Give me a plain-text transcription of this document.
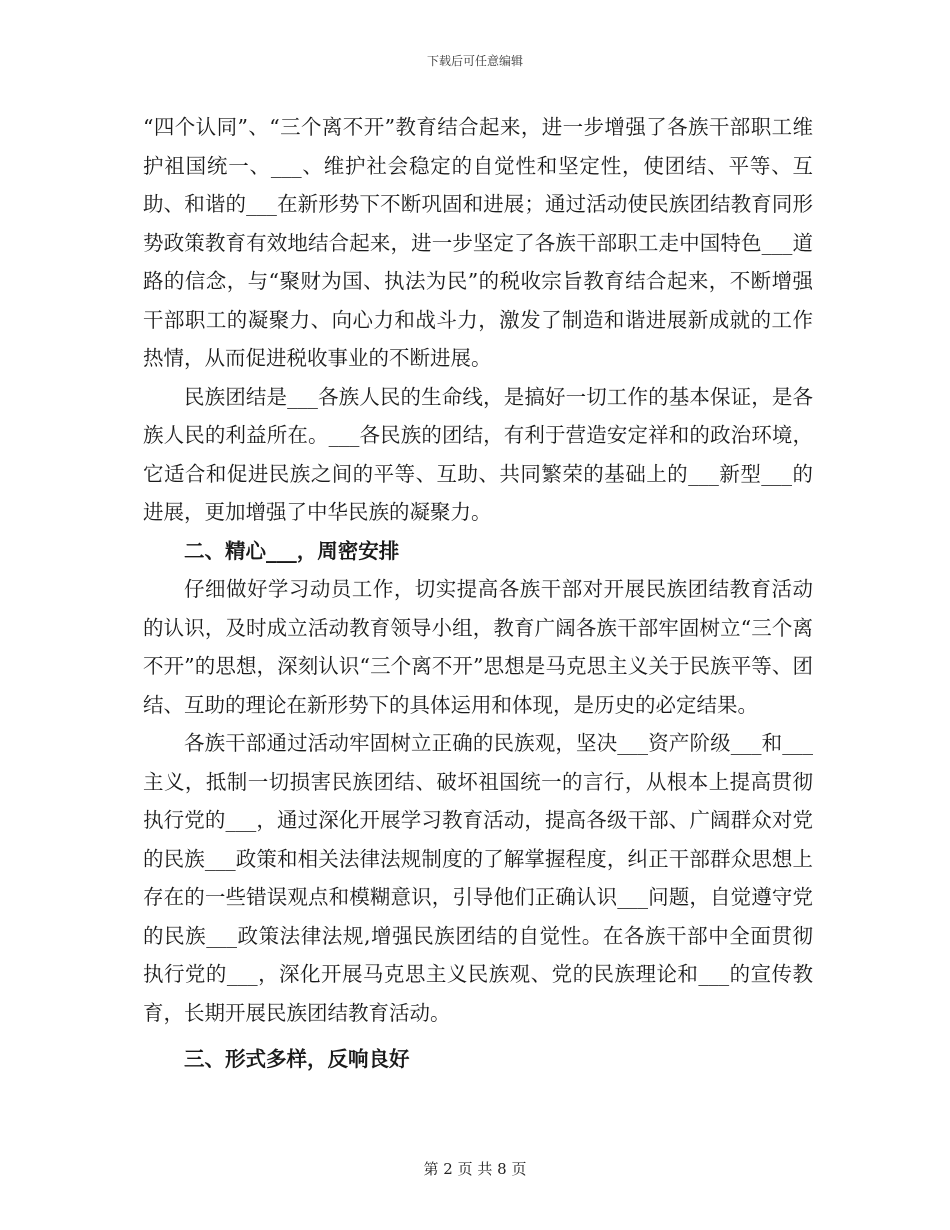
下载后可任意编辑

“四个认同”、“三个离不开”教育结合起来，进一步增强了各族干部职工维护祖国统一、___、维护社会稳定的自觉性和坚定性，使团结、平等、互助、和谐的___在新形势下不断巩固和进展；通过活动使民族团结教育同形势政策教育有效地结合起来，进一步坚定了各族干部职工走中国特色___道路的信念，与“聚财为国、执法为民”的税收宗旨教育结合起来，不断增强干部职工的凝聚力、向心力和战斗力，激发了制造和谐进展新成就的工作热情，从而促进税收事业的不断进展。

民族团结是___各族人民的生命线，是搞好一切工作的基本保证，是各族人民的利益所在。___各民族的团结，有利于营造安定祥和的政治环境，它适合和促进民族之间的平等、互助、共同繁荣的基础上的___新型___的进展，更加增强了中华民族的凝聚力。

二、精心___，周密安排

仔细做好学习动员工作，切实提高各族干部对开展民族团结教育活动的认识，及时成立活动教育领导小组，教育广阔各族干部牢固树立“三个离不开”的思想，深刻认识“三个离不开”思想是马克思主义关于民族平等、团结、互助的理论在新形势下的具体运用和体现，是历史的必定结果。

各族干部通过活动牢固树立正确的民族观，坚决___资产阶级___和___主义，抵制一切损害民族团结、破坏祖国统一的言行，从根本上提高贯彻执行党的___，通过深化开展学习教育活动，提高各级干部、广阔群众对党的民族___政策和相关法律法规制度的了解掌握程度，纠正干部群众思想上存在的一些错误观点和模糊意识，引导他们正确认识___问题，自觉遵守党的民族___政策法律法规,增强民族团结的自觉性。在各族干部中全面贯彻执行党的___，深化开展马克思主义民族观、党的民族理论和___的宣传教育，长期开展民族团结教育活动。

三、形式多样，反响良好

第 2 页 共 8 页
